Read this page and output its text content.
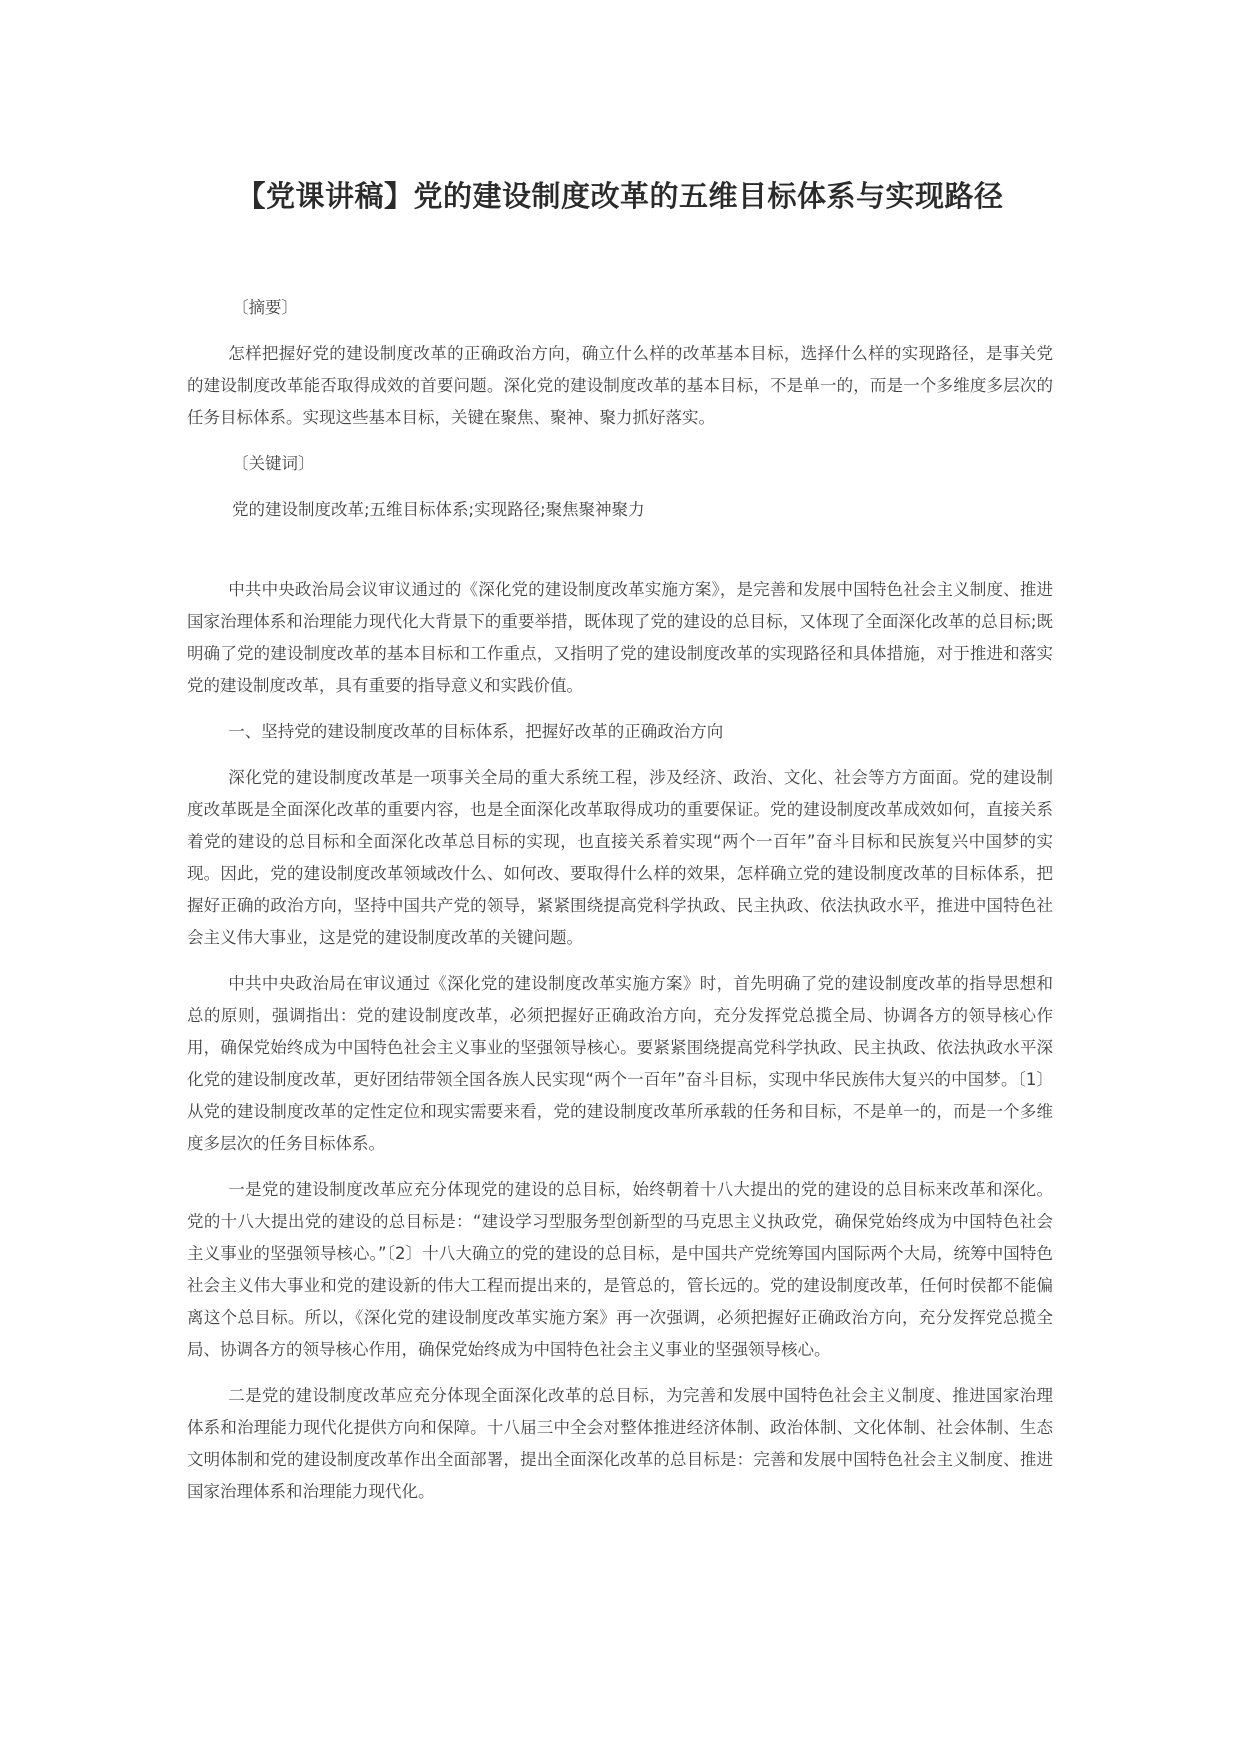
【党课讲稿】党的建设制度改革的五维目标体系与实现路径

〔摘要〕

怎样把握好党的建设制度改革的正确政治方向，确立什么样的改革基本目标，选择什么样的实现路径，是事关党的建设制度改革能否取得成效的首要问题。深化党的建设制度改革的基本目标，不是单一的，而是一个多维度多层次的任务目标体系。实现这些基本目标，关键在聚焦、聚神、聚力抓好落实。

〔关键词〕

党的建设制度改革;五维目标体系;实现路径;聚焦聚神聚力

中共中央政治局会议审议通过的《深化党的建设制度改革实施方案》，是完善和发展中国特色社会主义制度、推进国家治理体系和治理能力现代化大背景下的重要举措，既体现了党的建设的总目标，又体现了全面深化改革的总目标;既明确了党的建设制度改革的基本目标和工作重点，又指明了党的建设制度改革的实现路径和具体措施，对于推进和落实党的建设制度改革，具有重要的指导意义和实践价值。

一、坚持党的建设制度改革的目标体系，把握好改革的正确政治方向

深化党的建设制度改革是一项事关全局的重大系统工程，涉及经济、政治、文化、社会等方方面面。党的建设制度改革既是全面深化改革的重要内容，也是全面深化改革取得成功的重要保证。党的建设制度改革成效如何，直接关系着党的建设的总目标和全面深化改革总目标的实现，也直接关系着实现“两个一百年”奋斗目标和民族复兴中国梦的实现。因此，党的建设制度改革领域改什么、如何改、要取得什么样的效果，怎样确立党的建设制度改革的目标体系，把握好正确的政治方向，坚持中国共产党的领导，紧紧围绕提高党科学执政、民主执政、依法执政水平，推进中国特色社会主义伟大事业，这是党的建设制度改革的关键问题。

中共中央政治局在审议通过《深化党的建设制度改革实施方案》时，首先明确了党的建设制度改革的指导思想和总的原则，强调指出：党的建设制度改革，必须把握好正确政治方向，充分发挥党总揽全局、协调各方的领导核心作用，确保党始终成为中国特色社会主义事业的坚强领导核心。要紧紧围绕提高党科学执政、民主执政、依法执政水平深化党的建设制度改革，更好团结带领全国各族人民实现“两个一百年”奋斗目标，实现中华民族伟大复兴的中国梦。〔1〕从党的建设制度改革的定性定位和现实需要来看，党的建设制度改革所承载的任务和目标，不是单一的，而是一个多维度多层次的任务目标体系。

一是党的建设制度改革应充分体现党的建设的总目标，始终朝着十八大提出的党的建设的总目标来改革和深化。党的十八大提出党的建设的总目标是：“建设学习型服务型创新型的马克思主义执政党，确保党始终成为中国特色社会主义事业的坚强领导核心。”〔2〕十八大确立的党的建设的总目标，是中国共产党统筹国内国际两个大局，统筹中国特色社会主义伟大事业和党的建设新的伟大工程而提出来的，是管总的，管长远的。党的建设制度改革，任何时侯都不能偏离这个总目标。所以，《深化党的建设制度改革实施方案》再一次强调，必须把握好正确政治方向，充分发挥党总揽全局、协调各方的领导核心作用，确保党始终成为中国特色社会主义事业的坚强领导核心。

二是党的建设制度改革应充分体现全面深化改革的总目标，为完善和发展中国特色社会主义制度、推进国家治理体系和治理能力现代化提供方向和保障。十八届三中全会对整体推进经济体制、政治体制、文化体制、社会体制、生态文明体制和党的建设制度改革作出全面部署，提出全面深化改革的总目标是：完善和发展中国特色社会主义制度、推进国家治理体系和治理能力现代化。
